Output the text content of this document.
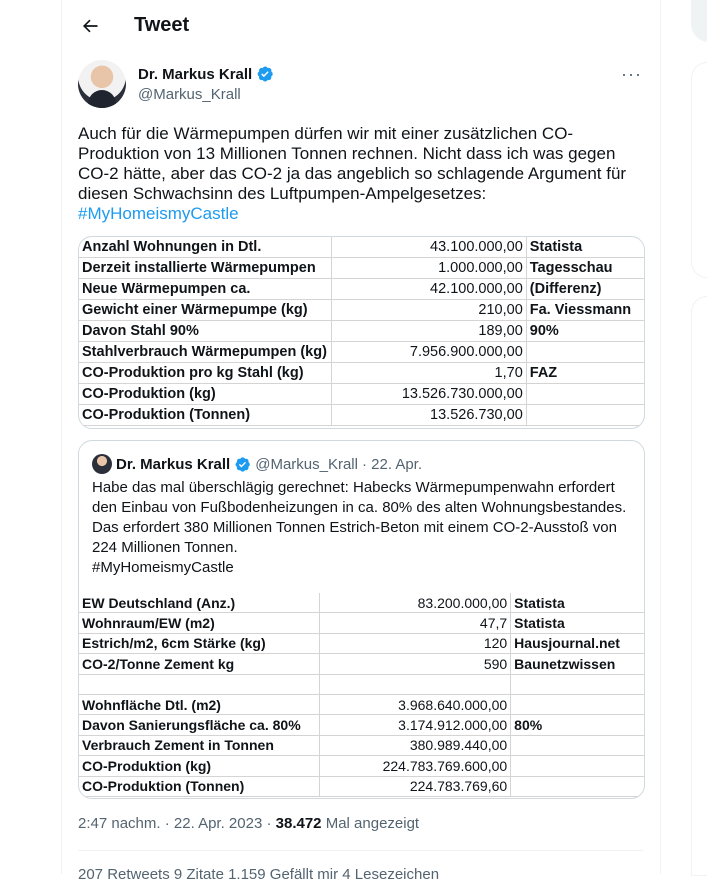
Tweet
Dr. Markus Krall
@Markus_Krall
···
Auch für die Wärmepumpen dürfen wir mit einer zusätzlichen CO-Produktion von 13 Millionen Tonnen rechnen. Nicht dass ich was gegen CO-2 hätte, aber das CO-2 ja das angeblich so schlagende Argument für diesen Schwachsinn des Luftpumpen-Ampelgesetzes:
#MyHomeismyCastle
Anzahl Wohnungen in Dtl.	43.100.000,00	Statista
Derzeit installierte Wärmepumpen	1.000.000,00	Tagesschau
Neue Wärmepumpen ca.	42.100.000,00	(Differenz)
Gewicht einer Wärmepumpe (kg)	210,00	Fa. Viessmann
Davon Stahl 90%	189,00	90%
Stahlverbrauch Wärmepumpen (kg)	7.956.900.000,00	
CO-Produktion pro kg Stahl (kg)	1,70	FAZ
CO-Produktion (kg)	13.526.730.000,00	
CO-Produktion (Tonnen)	13.526.730,00	
Dr. Markus Krall @Markus_Krall · 22. Apr.
Habe das mal überschlägig gerechnet: Habecks Wärmepumpenwahn erfordert den Einbau von Fußbodenheizungen in ca. 80% des alten Wohnungsbestandes. Das erfordert 380 Millionen Tonnen Estrich-Beton mit einem CO-2-Ausstoß von 224 Millionen Tonnen.
#MyHomeismyCastle
EW Deutschland (Anz.)	83.200.000,00	Statista
Wohnraum/EW (m2)	47,7	Statista
Estrich/m2, 6cm Stärke (kg)	120	Hausjournal.net
CO-2/Tonne Zement kg	590	Baunetzwissen

Wohnfläche Dtl. (m2)	3.968.640.000,00	
Davon Sanierungsfläche ca. 80%	3.174.912.000,00	80%
Verbrauch Zement in Tonnen	380.989.440,00	
CO-Produktion (kg)	224.783.769.600,00	
CO-Produktion (Tonnen)	224.783.769,60	
2:47 nachm. · 22. Apr. 2023 · 38.472 Mal angezeigt
207 Retweets 9 Zitate 1.159 Gefällt mir 4 Lesezeichen
